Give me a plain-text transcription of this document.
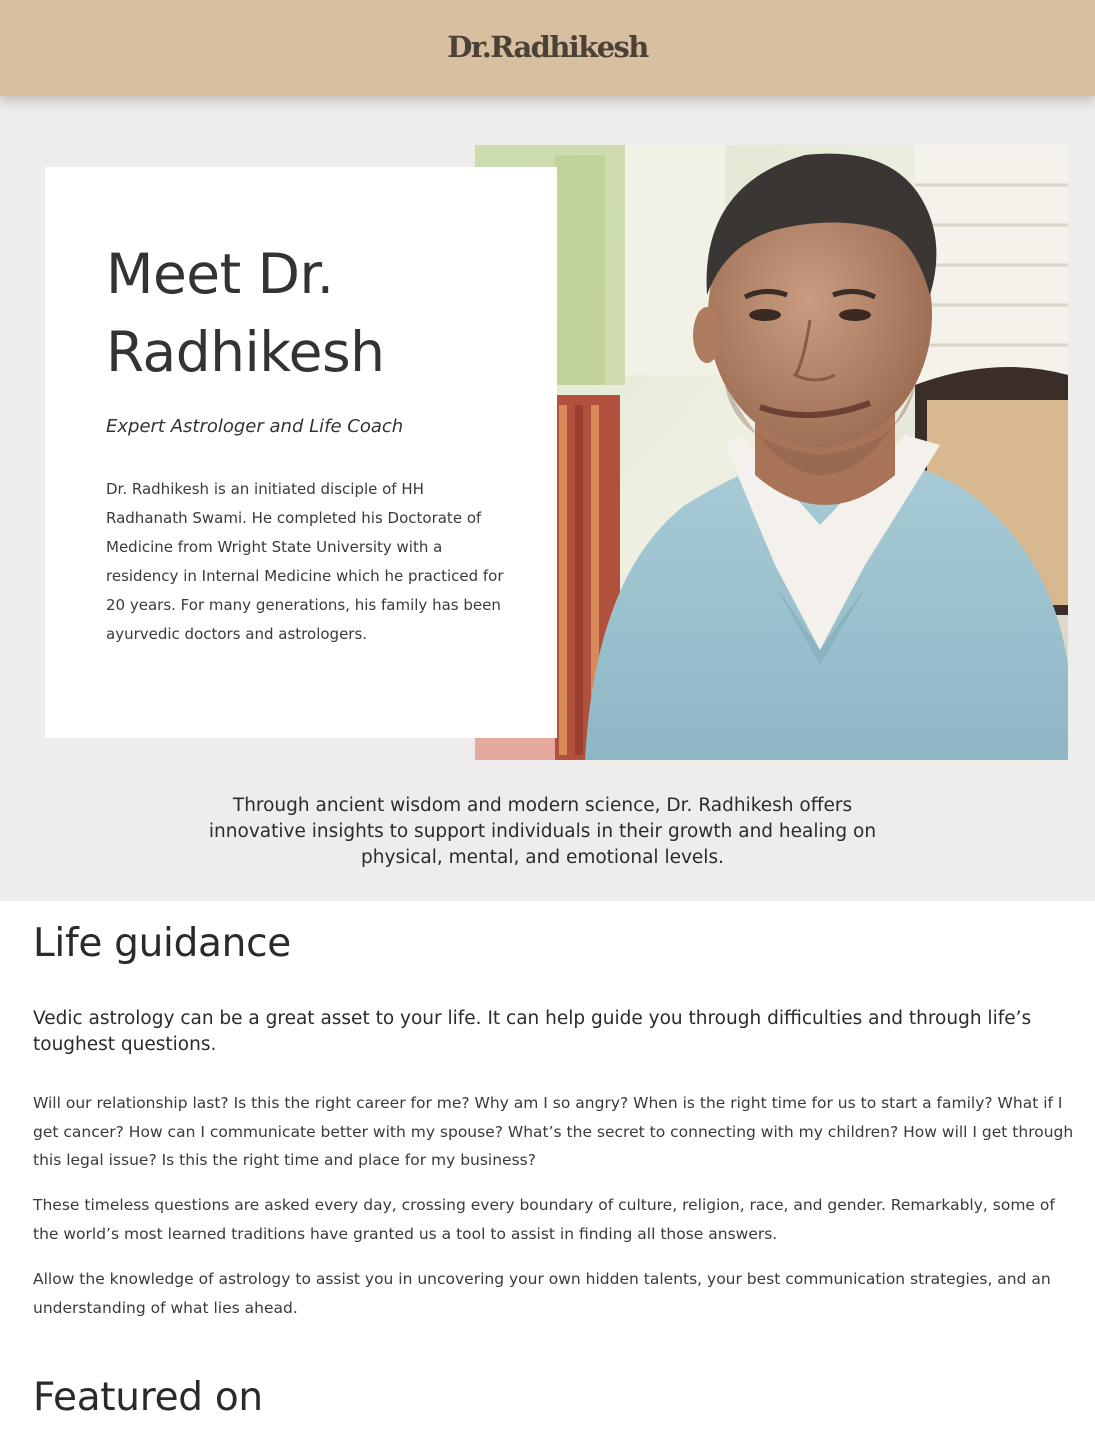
Dr.Radhikesh
Meet Dr. Radhikesh

Expert Astrologer and Life Coach

Dr. Radhikesh is an initiated disciple of HH Radhanath Swami. He completed his Doctorate of Medicine from Wright State University with a residency in Internal Medicine which he practiced for 20 years. For many generations, his family has been ayurvedic doctors and astrologers.

Through ancient wisdom and modern science, Dr. Radhikesh offers innovative insights to support individuals in their growth and healing on physical, mental, and emotional levels.

Life guidance

Vedic astrology can be a great asset to your life. It can help guide you through difficulties and through life’s toughest questions.

Will our relationship last? Is this the right career for me? Why am I so angry? When is the right time for us to start a family? What if I get cancer? How can I communicate better with my spouse? What’s the secret to connecting with my children? How will I get through this legal issue? Is this the right time and place for my business?

These timeless questions are asked every day, crossing every boundary of culture, religion, race, and gender. Remarkably, some of the world’s most learned traditions have granted us a tool to assist in finding all those answers.

Allow the knowledge of astrology to assist you in uncovering your own hidden talents, your best communication strategies, and an understanding of what lies ahead.

Featured on
